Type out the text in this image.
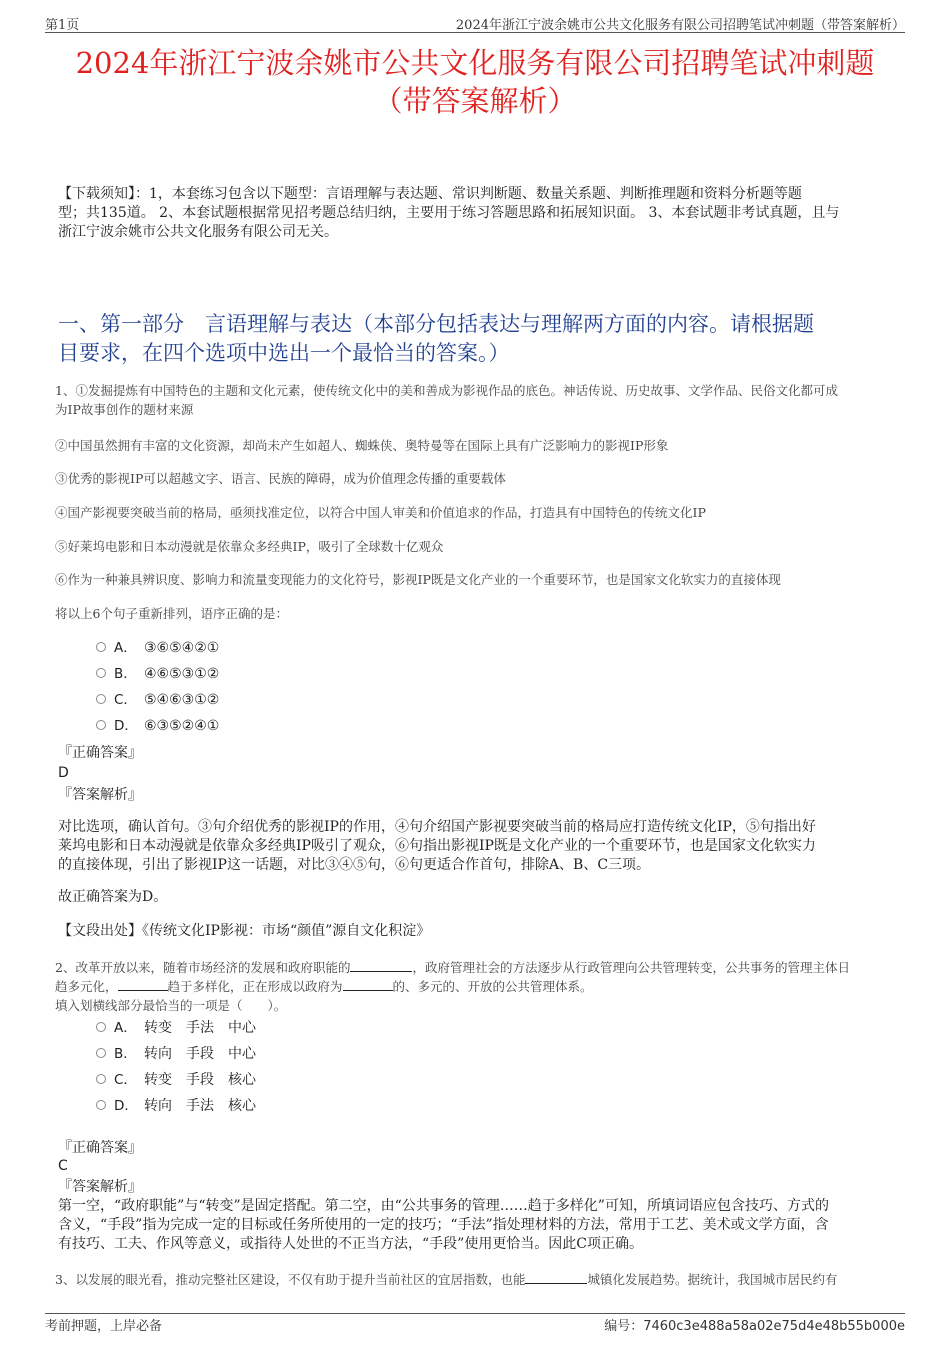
第1页	2024年浙江宁波余姚市公共文化服务有限公司招聘笔试冲刺题（带答案解析）
2024年浙江宁波余姚市公共文化服务有限公司招聘笔试冲刺题
（带答案解析）
【下载须知】：1，本套练习包含以下题型：言语理解与表达题、常识判断题、数量关系题、判断推理题和资料分析题等题
型；共135道。 2、本套试题根据常见招考题总结归纳，主要用于练习答题思路和拓展知识面。 3、本套试题非考试真题，且与
浙江宁波余姚市公共文化服务有限公司无关。
一、第一部分　言语理解与表达（本部分包括表达与理解两方面的内容。请根据题
目要求，在四个选项中选出一个最恰当的答案。）
1、①发掘提炼有中国特色的主题和文化元素，使传统文化中的美和善成为影视作品的底色。神话传说、历史故事、文学作品、民俗文化都可成
为IP故事创作的题材来源
②中国虽然拥有丰富的文化资源，却尚未产生如超人、蜘蛛侠、奥特曼等在国际上具有广泛影响力的影视IP形象
③优秀的影视IP可以超越文字、语言、民族的障碍，成为价值理念传播的重要载体
④国产影视要突破当前的格局，亟须找准定位，以符合中国人审美和价值追求的作品，打造具有中国特色的传统文化IP
⑤好莱坞电影和日本动漫就是依靠众多经典IP，吸引了全球数十亿观众
⑥作为一种兼具辨识度、影响力和流量变现能力的文化符号，影视IP既是文化产业的一个重要环节，也是国家文化软实力的直接体现
将以上6个句子重新排列，语序正确的是：
A． ③⑥⑤④②①
B． ④⑥⑤③①②
C． ⑤④⑥③①②
D． ⑥③⑤②④①
『正确答案』
D
『答案解析』
对比选项，确认首句。③句介绍优秀的影视IP的作用，④句介绍国产影视要突破当前的格局应打造传统文化IP，⑤句指出好
莱坞电影和日本动漫就是依靠众多经典IP吸引了观众，⑥句指出影视IP既是文化产业的一个重要环节，也是国家文化软实力
的直接体现，引出了影视IP这一话题，对比③④⑤句，⑥句更适合作首句，排除A、B、C三项。
故正确答案为D。
【文段出处】《传统文化IP影视：市场“颜值”源自文化积淀》
2、改革开放以来，随着市场经济的发展和政府职能的	，政府管理社会的方法逐步从行政管理向公共管理转变，公共事务的管理主体日
趋多元化，	趋于多样化，正在形成以政府为	的、多元的、开放的公共管理体系。
填入划横线部分最恰当的一项是（　　）。
A． 转变　手法　中心
B． 转向　手段　中心
C． 转变　手段　核心
D． 转向　手法　核心
『正确答案』
C
『答案解析』
第一空，“政府职能”与“转变”是固定搭配。第二空，由“公共事务的管理……趋于多样化”可知，所填词语应包含技巧、方式的
含义，“手段”指为完成一定的目标或任务所使用的一定的技巧；“手法”指处理材料的方法，常用于工艺、美术或文学方面，含
有技巧、工夫、作风等意义，或指待人处世的不正当方法，“手段”使用更恰当。因此C项正确。
3、以发展的眼光看，推动完整社区建设，不仅有助于提升当前社区的宜居指数，也能	城镇化发展趋势。据统计，我国城市居民约有
考前押题，上岸必备	编号：7460c3e488a58a02e75d4e48b55b000e
